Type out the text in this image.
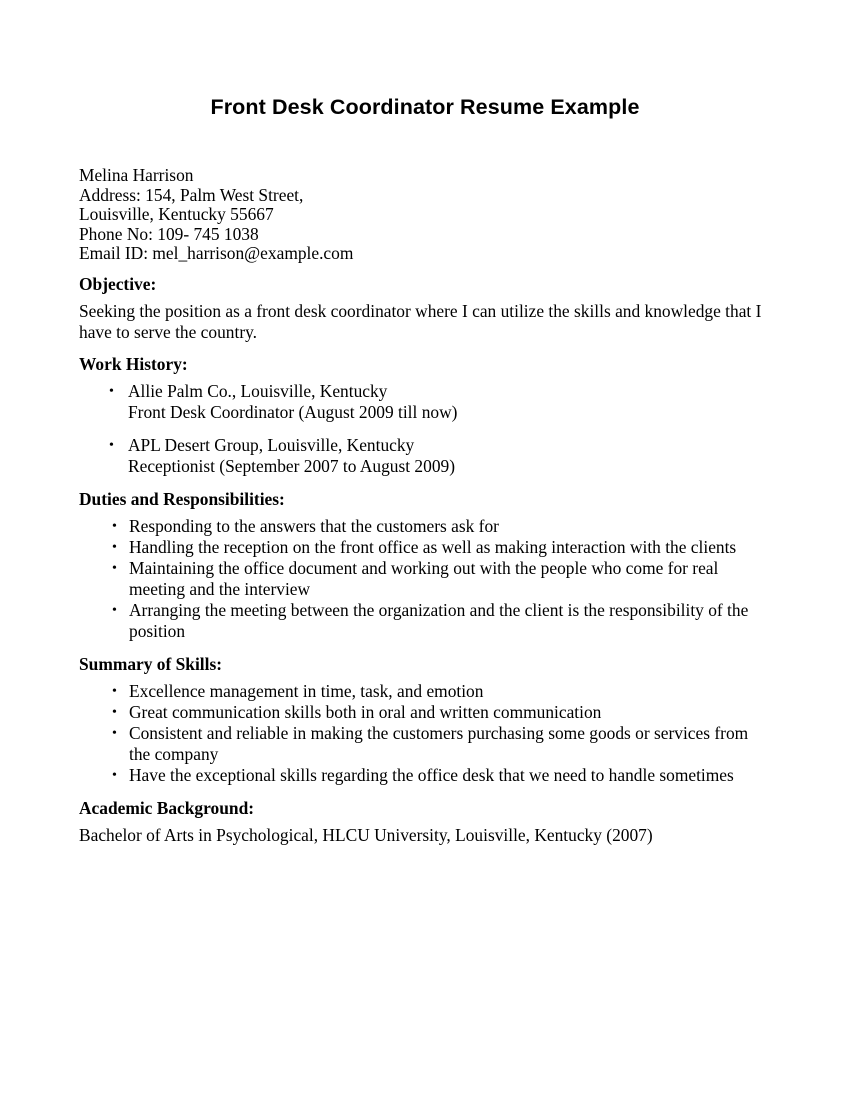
Front Desk Coordinator Resume Example
Melina Harrison
Address: 154, Palm West Street,
Louisville, Kentucky 55667
Phone No: 109- 745 1038
Email ID: mel_harrison@example.com
Objective:

Seeking the position as a front desk coordinator where I can utilize the skills and knowledge that I have to serve the country.

Work History:
• Allie Palm Co., Louisville, Kentucky
Front Desk Coordinator (August 2009 till now)
• APL Desert Group, Louisville, Kentucky
Receptionist (September 2007 to August 2009)
Duties and Responsibilities:
• Responding to the answers that the customers ask for
• Handling the reception on the front office as well as making interaction with the clients
• Maintaining the office document and working out with the people who come for real meeting and the interview
• Arranging the meeting between the organization and the client is the responsibility of the position
Summary of Skills:
• Excellence management in time, task, and emotion
• Great communication skills both in oral and written communication
• Consistent and reliable in making the customers purchasing some goods or services from the company
• Have the exceptional skills regarding the office desk that we need to handle sometimes
Academic Background:

Bachelor of Arts in Psychological, HLCU University, Louisville, Kentucky (2007)
